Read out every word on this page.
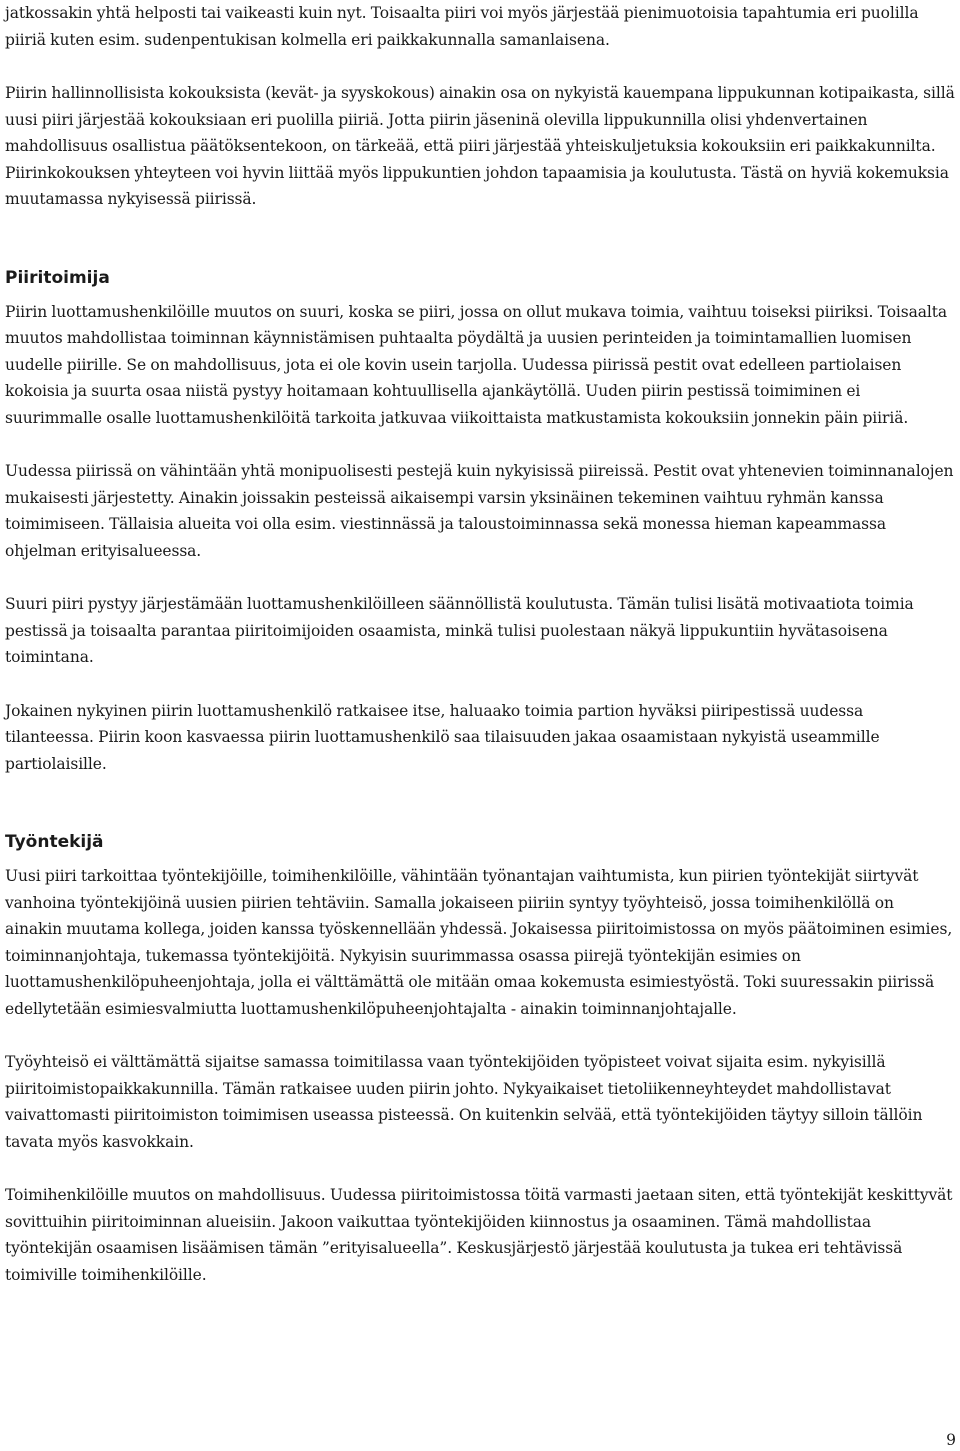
jatkossakin yhtä helposti tai vaikeasti kuin nyt. Toisaalta piiri voi myös järjestää pienimuotoisia tapahtumia eri puolilla piiriä kuten esim. sudenpentukisan kolmella eri paikkakunnalla samanlaisena.

Piirin hallinnollisista kokouksista (kevät- ja syyskokous) ainakin osa on nykyistä kauempana lippukunnan kotipaikasta, sillä uusi piiri järjestää kokouksiaan eri puolilla piiriä. Jotta piirin jäseninä olevilla lippukunnilla olisi yhdenvertainen mahdollisuus osallistua päätöksentekoon, on tärkeää, että piiri järjestää yhteiskuljetuksia kokouksiin eri paikkakunnilta. Piirinkokouksen yhteyteen voi hyvin liittää myös lippukuntien johdon tapaamisia ja koulutusta. Tästä on hyviä kokemuksia muutamassa nykyisessä piirissä.

Piiritoimija

Piirin luottamushenkilöille muutos on suuri, koska se piiri, jossa on ollut mukava toimia, vaihtuu toiseksi piiriksi. Toisaalta muutos mahdollistaa toiminnan käynnistämisen puhtaalta pöydältä ja uusien perinteiden ja toimintamallien luomisen uudelle piirille. Se on mahdollisuus, jota ei ole kovin usein tarjolla. Uudessa piirissä pestit ovat edelleen partiolaisen kokoisia ja suurta osaa niistä pystyy hoitamaan kohtuullisella ajankäytöllä. Uuden piirin pestissä toimiminen ei suurimmalle osalle luottamushenkilöitä tarkoita jatkuvaa viikoittaista matkustamista kokouksiin jonnekin päin piiriä.

Uudessa piirissä on vähintään yhtä monipuolisesti pestejä kuin nykyisissä piireissä. Pestit ovat yhtenevien toiminnanalojen mukaisesti järjestetty. Ainakin joissakin pesteissä aikaisempi varsin yksinäinen tekeminen vaihtuu ryhmän kanssa toimimiseen. Tällaisia alueita voi olla esim. viestinnässä ja taloustoiminnassa sekä monessa hieman kapeammassa ohjelman erityisalueessa.

Suuri piiri pystyy järjestämään luottamushenkilöilleen säännöllistä koulutusta. Tämän tulisi lisätä motivaatiota toimia pestissä ja toisaalta parantaa piiritoimijoiden osaamista, minkä tulisi puolestaan näkyä lippukuntiin hyvätasoisena toimintana.

Jokainen nykyinen piirin luottamushenkilö ratkaisee itse, haluaako toimia partion hyväksi piiripestissä uudessa tilanteessa. Piirin koon kasvaessa piirin luottamushenkilö saa tilaisuuden jakaa osaamistaan nykyistä useammille partiolaisille.

Työntekijä

Uusi piiri tarkoittaa työntekijöille, toimihenkilöille, vähintään työnantajan vaihtumista, kun piirien työntekijät siirtyvät vanhoina työntekijöinä uusien piirien tehtäviin. Samalla jokaiseen piiriin syntyy työyhteisö, jossa toimihenkilöllä on ainakin muutama kollega, joiden kanssa työskennellään yhdessä. Jokaisessa piiritoimistossa on myös päätoiminen esimies, toiminnanjohtaja, tukemassa työntekijöitä. Nykyisin suurimmassa osassa piirejä työntekijän esimies on luottamushenkilöpuheenjohtaja, jolla ei välttämättä ole mitään omaa kokemusta esimiestyöstä. Toki suuressakin piirissä edellytetään esimiesvalmiutta luottamushenkilöpuheenjohtajalta - ainakin toiminnanjohtajalle.

Työyhteisö ei välttämättä sijaitse samassa toimitilassa vaan työntekijöiden työpisteet voivat sijaita esim. nykyisillä piiritoimistopaikkakunnilla. Tämän ratkaisee uuden piirin johto. Nykyaikaiset tietoliikenneyhteydet mahdollistavat vaivattomasti piiritoimiston toimimisen useassa pisteessä. On kuitenkin selvää, että työntekijöiden täytyy silloin tällöin tavata myös kasvokkain.

Toimihenkilöille muutos on mahdollisuus. Uudessa piiritoimistossa töitä varmasti jaetaan siten, että työntekijät keskittyvät sovittuihin piiritoiminnan alueisiin. Jakoon vaikuttaa työntekijöiden kiinnostus ja osaaminen. Tämä mahdollistaa työntekijän osaamisen lisäämisen tämän ”erityisalueella”. Keskusjärjestö järjestää koulutusta ja tukea eri tehtävissä toimiville toimihenkilöille.

9
